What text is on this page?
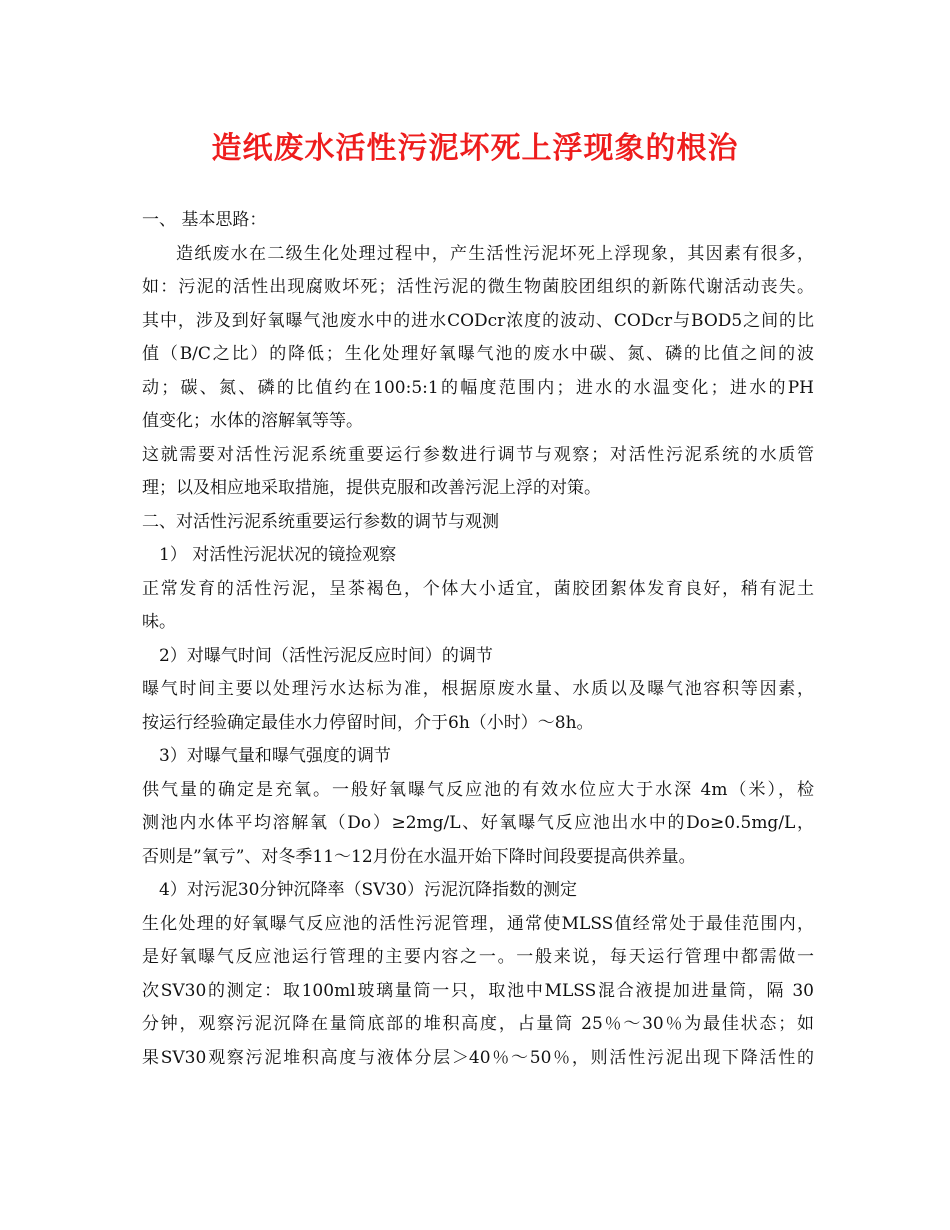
造纸废水活性污泥坏死上浮现象的根治
一、 基本思路：
造纸废水在二级生化处理过程中，产生活性污泥坏死上浮现象，其因素有很多，
如：污泥的活性出现腐败坏死；活性污泥的微生物菌胶团组织的新陈代谢活动丧失。
其中，涉及到好氧曝气池废水中的进水CODcr浓度的波动、CODcr与BOD5之间的比
值（B/C之比）的降低；生化处理好氧曝气池的废水中碳、氮、磷的比值之间的波
动；碳、氮、磷的比值约在100:5:1的幅度范围内；进水的水温变化；进水的PH
值变化；水体的溶解氧等等。
这就需要对活性污泥系统重要运行参数进行调节与观察；对活性污泥系统的水质管
理；以及相应地采取措施，提供克服和改善污泥上浮的对策。
二、对活性污泥系统重要运行参数的调节与观测
1） 对活性污泥状况的镜捡观察
正常发育的活性污泥，呈茶褐色，个体大小适宜，菌胶团絮体发育良好，稍有泥土
味。
2）对曝气时间（活性污泥反应时间）的调节
曝气时间主要以处理污水达标为准，根据原废水量、水质以及曝气池容积等因素，
按运行经验确定最佳水力停留时间，介于6h（小时）～8h。
3）对曝气量和曝气强度的调节
供气量的确定是充氧。一般好氧曝气反应池的有效水位应大于水深 4m（米），检
测池内水体平均溶解氧（Do）≥2mg/L、好氧曝气反应池出水中的Do≥0.5mg/L，
否则是”氧亏”、对冬季11～12月份在水温开始下降时间段要提高供养量。
4）对污泥30分钟沉降率（SV30）污泥沉降指数的测定
生化处理的好氧曝气反应池的活性污泥管理，通常使MLSS值经常处于最佳范围内，
是好氧曝气反应池运行管理的主要内容之一。一般来说，每天运行管理中都需做一
次SV30的测定：取100ml玻璃量筒一只，取池中MLSS混合液提加进量筒，隔 30
分钟，观察污泥沉降在量筒底部的堆积高度，占量筒 25％～30％为最佳状态；如
果SV30观察污泥堆积高度与液体分层＞40％～50％，则活性污泥出现下降活性的
